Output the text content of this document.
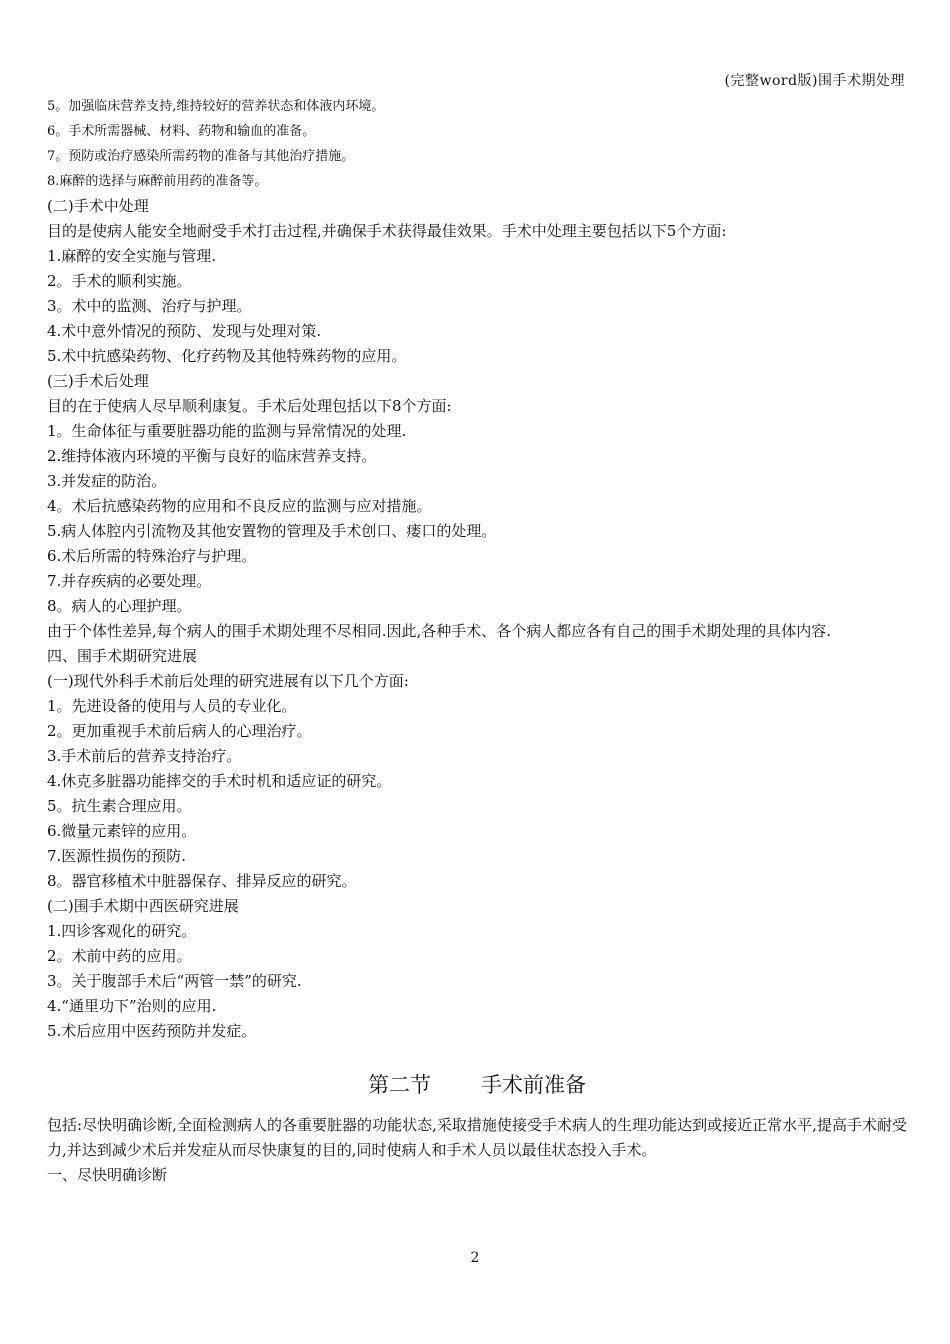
(完整word版)围手术期处理
5。加强临床营养支持,维持较好的营养状态和体液内环境。
6。手术所需器械、材料、药物和输血的准备。
7。预防或治疗感染所需药物的准备与其他治疗措施。
8.麻醉的选择与麻醉前用药的准备等。
(二)手术中处理
目的是使病人能安全地耐受手术打击过程,并确保手术获得最佳效果。手术中处理主要包括以下5个方面:
1.麻醉的安全实施与管理.
2。手术的顺利实施。
3。术中的监测、治疗与护理。
4.术中意外情况的预防、发现与处理对策.
5.术中抗感染药物、化疗药物及其他特殊药物的应用。
(三)手术后处理
目的在于使病人尽早顺利康复。手术后处理包括以下8个方面:
1。生命体征与重要脏器功能的监测与异常情况的处理.
2.维持体液内环境的平衡与良好的临床营养支持。
3.并发症的防治。
4。术后抗感染药物的应用和不良反应的监测与应对措施。
5.病人体腔内引流物及其他安置物的管理及手术创口、瘘口的处理。
6.术后所需的特殊治疗与护理。
7.并存疾病的必要处理。
8。病人的心理护理。
由于个体性差异,每个病人的围手术期处理不尽相同.因此,各种手术、各个病人都应各有自己的围手术期处理的具体内容.
四、围手术期研究进展
(一)现代外科手术前后处理的研究进展有以下几个方面:
1。先进设备的使用与人员的专业化。
2。更加重视手术前后病人的心理治疗。
3.手术前后的营养支持治疗。
4.休克多脏器功能摔交的手术时机和适应证的研究。
5。抗生素合理应用。
6.微量元素锌的应用。
7.医源性损伤的预防.
8。器官移植术中脏器保存、排异反应的研究。
(二)围手术期中西医研究进展
1.四诊客观化的研究。
2。术前中药的应用。
3。关于腹部手术后“两管一禁”的研究.
4.“通里功下”治则的应用.
5.术后应用中医药预防并发症。
第二节 手术前准备
包括:尽快明确诊断,全面检测病人的各重要脏器的功能状态,采取措施使接受手术病人的生理功能达到或接近正常水平,提高手术耐受力,并达到减少术后并发症从而尽快康复的目的,同时使病人和手术人员以最佳状态投入手术。
一、尽快明确诊断
2
